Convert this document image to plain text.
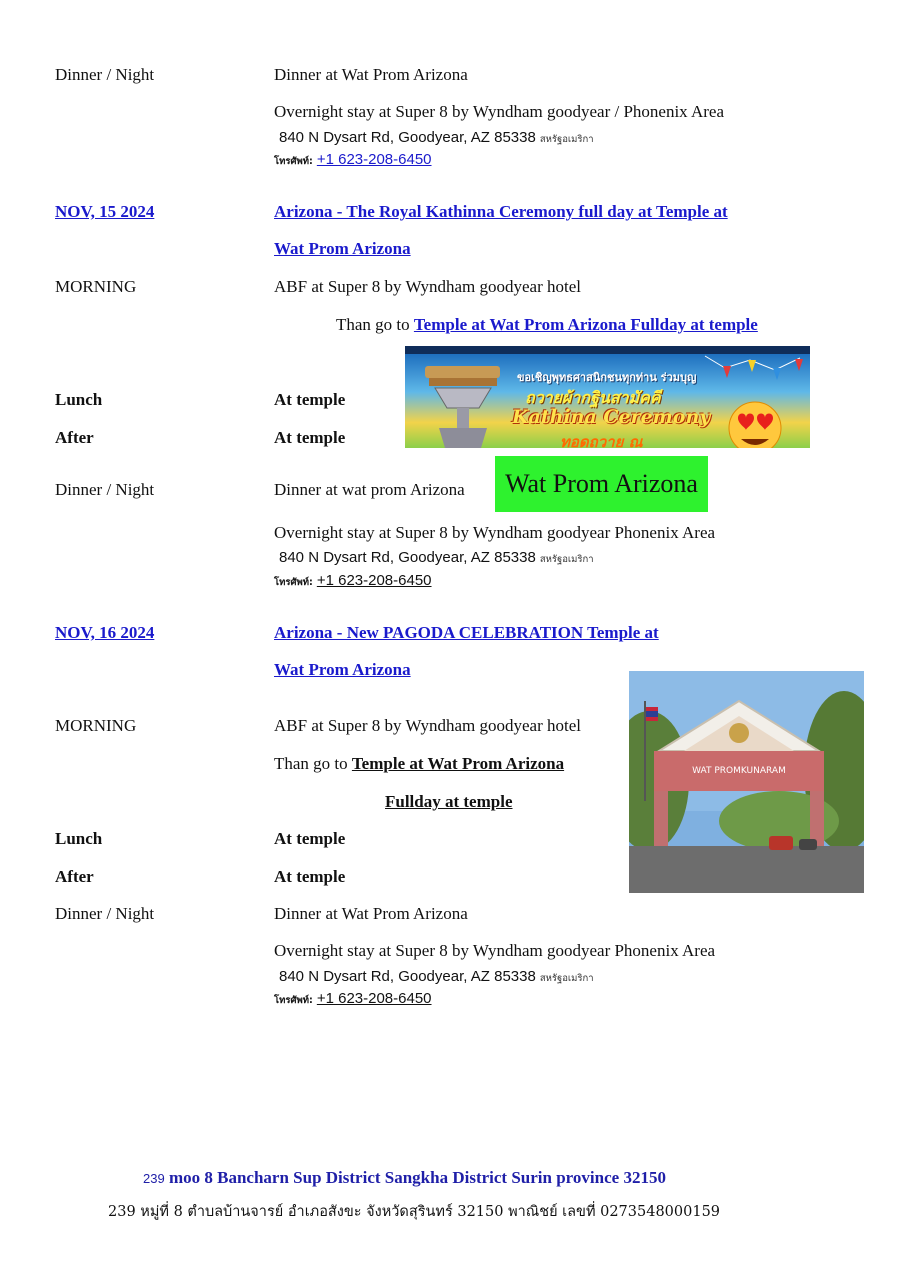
Dinner / Night	Dinner at Wat Prom Arizona
Overnight stay at Super 8 by Wyndham goodyear / Phonenix Area
840 N Dysart Rd, Goodyear, AZ 85338 สหรัฐอเมริกา
โทรศัพท์: +1 623-208-6450
NOV, 15 2024	Arizona - The Royal Kathinna Ceremony full day at Temple at
Wat Prom Arizona
MORNING	ABF at Super 8 by Wyndham goodyear hotel
Than go to Temple at Wat Prom Arizona Fullday at temple
ขอเชิญพุทธศาสนิกชนทุกท่าน ร่วมบุญ
ถวายผ้ากฐินสามัคคี
Kathina Ceremony
ทอดถวาย ณ
Lunch	At temple
After	At temple
Dinner / Night	Dinner at wat prom Arizona	Wat Prom Arizona
Overnight stay at Super 8 by Wyndham goodyear Phonenix Area
840 N Dysart Rd, Goodyear, AZ 85338 สหรัฐอเมริกา
โทรศัพท์: +1 623-208-6450
NOV, 16 2024	Arizona - New PAGODA CELEBRATION Temple at
Wat Prom Arizona
MORNING	ABF at Super 8 by Wyndham goodyear hotel
Than go to Temple at Wat Prom Arizona
Fullday at temple
WAT PROMKUNARAM
Lunch	At temple
After	At temple
Dinner / Night	Dinner at Wat Prom Arizona
Overnight stay at Super 8 by Wyndham goodyear Phonenix Area
840 N Dysart Rd, Goodyear, AZ 85338 สหรัฐอเมริกา
โทรศัพท์: +1 623-208-6450
239 moo 8 Bancharn Sup District Sangkha District Surin province 32150
239 หมู่ที่ 8 ตำบลบ้านจารย์ อำเภอสังขะ จังหวัดสุรินทร์ 32150 พาณิชย์ เลขที่ 0273548000159
